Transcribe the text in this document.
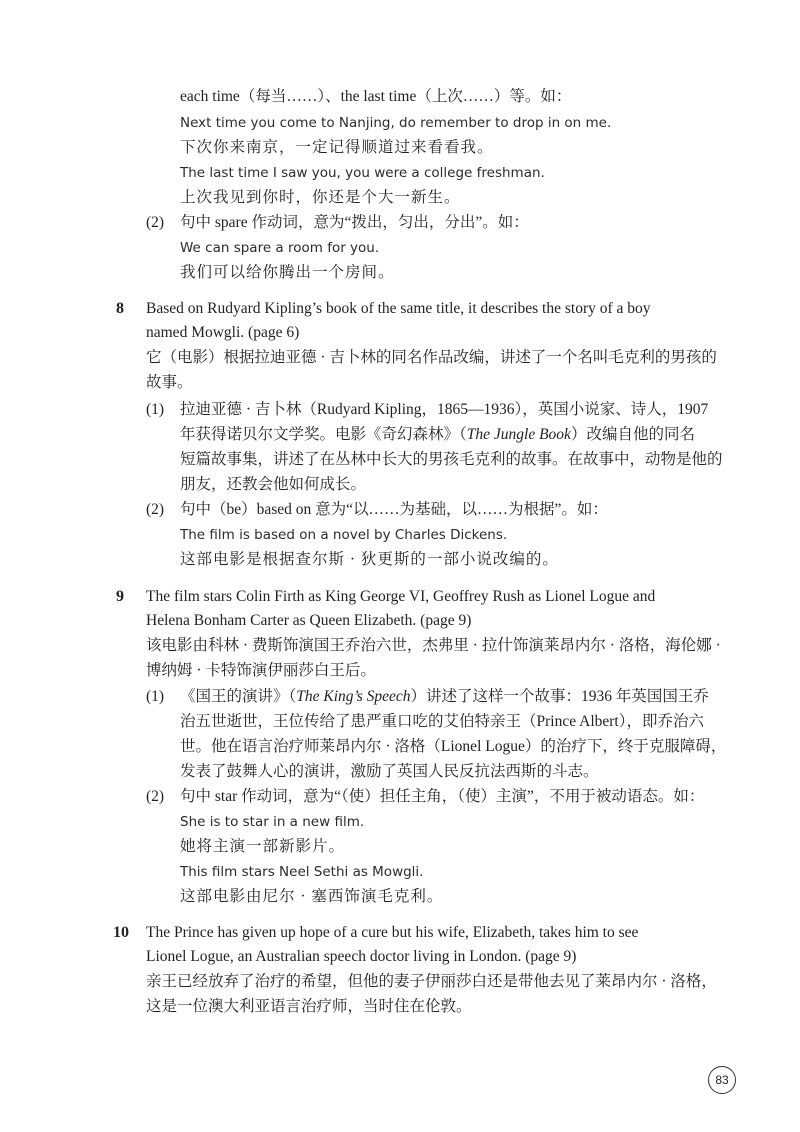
each time（每当……）、the last time（上次……）等。如：
Next time you come to Nanjing, do remember to drop in on me.
下次你来南京，一定记得顺道过来看看我。
The last time I saw you, you were a college freshman.
上次我见到你时，你还是个大一新生。
(2) 句中 spare 作动词，意为“拨出，匀出，分出”。如：
We can spare a room for you.
我们可以给你腾出一个房间。
8 Based on Rudyard Kipling’s book of the same title, it describes the story of a boy
named Mowgli. (page 6)
它（电影）根据拉迪亚德 · 吉卜林的同名作品改编，讲述了一个名叫毛克利的男孩的
故事。
(1) 拉迪亚德 · 吉卜林（Rudyard Kipling，1865—1936），英国小说家、诗人，1907
年获得诺贝尔文学奖。电影《奇幻森林》（The Jungle Book）改编自他的同名
短篇故事集，讲述了在丛林中长大的男孩毛克利的故事。在故事中，动物是他的
朋友，还教会他如何成长。
(2) 句中（be）based on 意为“以……为基础，以……为根据”。如：
The film is based on a novel by Charles Dickens.
这部电影是根据查尔斯 · 狄更斯的一部小说改编的。
9 The film stars Colin Firth as King George VI, Geoffrey Rush as Lionel Logue and
Helena Bonham Carter as Queen Elizabeth. (page 9)
该电影由科林 · 费斯饰演国王乔治六世，杰弗里 · 拉什饰演莱昂内尔 · 洛格，海伦娜 ·
博纳姆 · 卡特饰演伊丽莎白王后。
(1) 《国王的演讲》（The King’s Speech）讲述了这样一个故事：1936 年英国国王乔
治五世逝世，王位传给了患严重口吃的艾伯特亲王（Prince Albert），即乔治六
世。他在语言治疗师莱昂内尔 · 洛格（Lionel Logue）的治疗下，终于克服障碍，
发表了鼓舞人心的演讲，激励了英国人民反抗法西斯的斗志。
(2) 句中 star 作动词，意为“（使）担任主角，（使）主演”，不用于被动语态。如：
She is to star in a new film.
她将主演一部新影片。
This film stars Neel Sethi as Mowgli.
这部电影由尼尔 · 塞西饰演毛克利。
10 The Prince has given up hope of a cure but his wife, Elizabeth, takes him to see
Lionel Logue, an Australian speech doctor living in London. (page 9)
亲王已经放弃了治疗的希望，但他的妻子伊丽莎白还是带他去见了莱昂内尔 · 洛格，
这是一位澳大利亚语言治疗师，当时住在伦敦。
83
